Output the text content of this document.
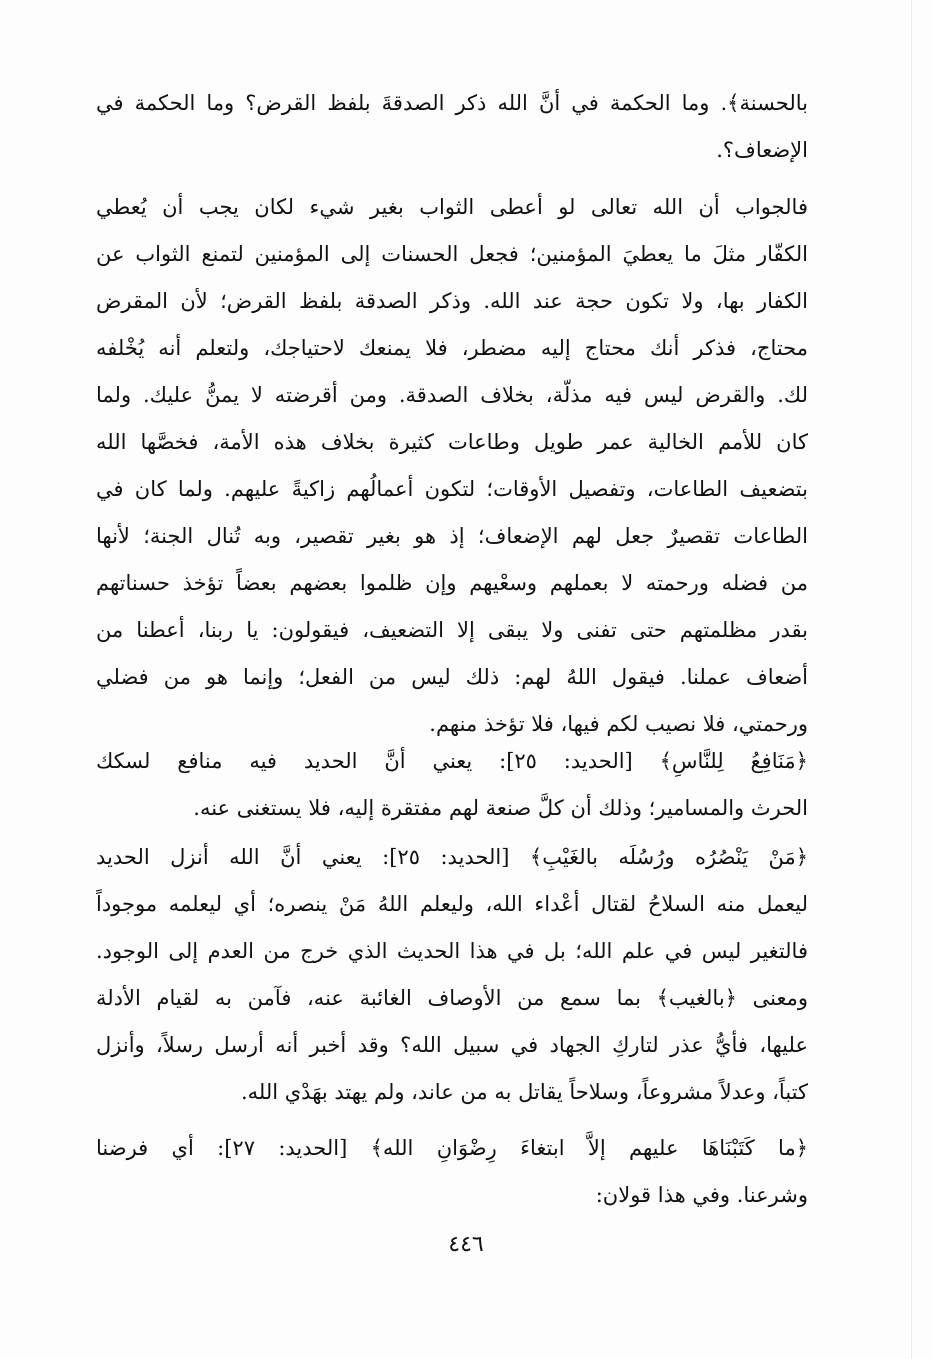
بالحسنة﴾. وما الحكمة في أنَّ الله ذكر الصدقةَ بلفظ القرض؟ وما الحكمة في
الإضعاف؟.
فالجواب أن الله تعالى لو أعطى الثواب بغير شيء لكان يجب أن يُعطي
الكفّار مثلَ ما يعطيَ المؤمنين؛ فجعل الحسنات إلى المؤمنين لتمنع الثواب عن
الكفار بها، ولا تكون حجة عند الله. وذكر الصدقة بلفظ القرض؛ لأن المقرض
محتاج، فذكر أنك محتاج إليه مضطر، فلا يمنعك لاحتياجك، ولتعلم أنه يُخْلفه
لك. والقرض ليس فيه مذلّة، بخلاف الصدقة. ومن أقرضته لا يمنُّ عليك. ولما
كان للأمم الخالية عمر طويل وطاعات كثيرة بخلاف هذه الأمة، فخصَّها الله
بتضعيف الطاعات، وتفصيل الأوقات؛ لتكون أعمالُهم زاكيةً عليهم. ولما كان في
الطاعات تقصيرٌ جعل لهم الإضعاف؛ إذ هو بغير تقصير، وبه تُنال الجنة؛ لأنها
من فضله ورحمته لا بعملهم وسعْيهم وإن ظلموا بعضهم بعضاً تؤخذ حسناتهم
بقدر مظلمتهم حتى تفنى ولا يبقى إلا التضعيف، فيقولون: يا ربنا، أعطنا من
أضعاف عملنا. فيقول اللهُ لهم: ذلك ليس من الفعل؛ وإنما هو من فضلي
ورحمتي، فلا نصيب لكم فيها، فلا تؤخذ منهم.
﴿مَنَافِعُ لِلنَّاسِ﴾ [الحديد: ٢٥]: يعني أنَّ الحديد فيه منافع لسكك
الحرث والمسامير؛ وذلك أن كلَّ صنعة لهم مفتقرة إليه، فلا يستغنى عنه.
﴿مَنْ يَنْصُرُه ورُسُلَه بالغَيْبِ﴾ [الحديد: ٢٥]: يعني أنَّ الله أنزل الحديد
ليعمل منه السلاحُ لقتال أعْداء الله، وليعلم اللهُ مَنْ ينصره؛ أي ليعلمه موجوداً
فالتغير ليس في علم الله؛ بل في هذا الحديث الذي خرج من العدم إلى الوجود.
ومعنى ﴿بالغيب﴾ بما سمع من الأوصاف الغائبة عنه، فآمن به لقيام الأدلة
عليها، فأيُّ عذر لتاركِ الجهاد في سبيل الله؟ وقد أخبر أنه أرسل رسلاً، وأنزل
كتباً، وعدلاً مشروعاً، وسلاحاً يقاتل به من عاند، ولم يهتد بهَدْي الله.
﴿ما كَتَبْنَاهَا عليهم إلاَّ ابتغاءَ رِضْوَانِ الله﴾ [الحديد: ٢٧]: أي فرضنا
وشرعنا. وفي هذا قولان:
٤٤٦
